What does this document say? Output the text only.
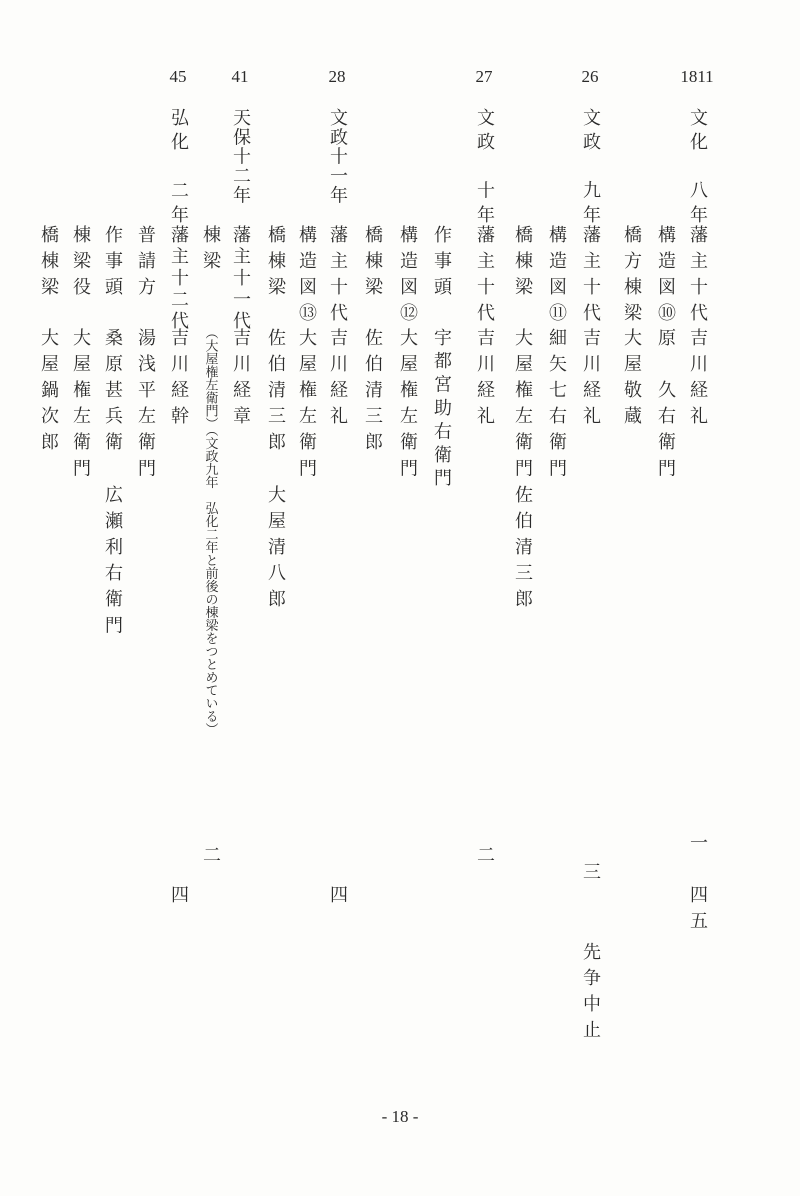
1811
文化　八年
藩主十代
吉川経礼
構造図⑩
原　久右衛門
橋方棟梁
大屋敬蔵
一
四五
26
文政　九年
藩主十代
吉川経礼
構造図⑪
細矢七右衛門
橋棟梁
大屋権左衛門
佐伯清三郎
三
先争中止
27
文政　十年
藩主十代
吉川経礼
作事頭
宇都宮助右衛門
構造図⑫
大屋権左衛門
橋棟梁
佐伯清三郎
二
28
文政十一年
藩主十代
吉川経礼
構造図⑬
大屋権左衛門
橋棟梁
佐伯清三郎
大屋清八郎
四
41
天保十二年
藩主十一代
吉川経章
棟梁
（大屋権左衛門）（文政九年　弘化二年と前後の棟梁をつとめている）
二
45
弘化　二年
藩主十二代
吉川経幹
普請方
湯浅平左衛門
作事頭
桑原甚兵衛
広瀬利右衛門
棟梁役
大屋権左衛門
橋棟梁
大屋鍋次郎
四
- 18 -
